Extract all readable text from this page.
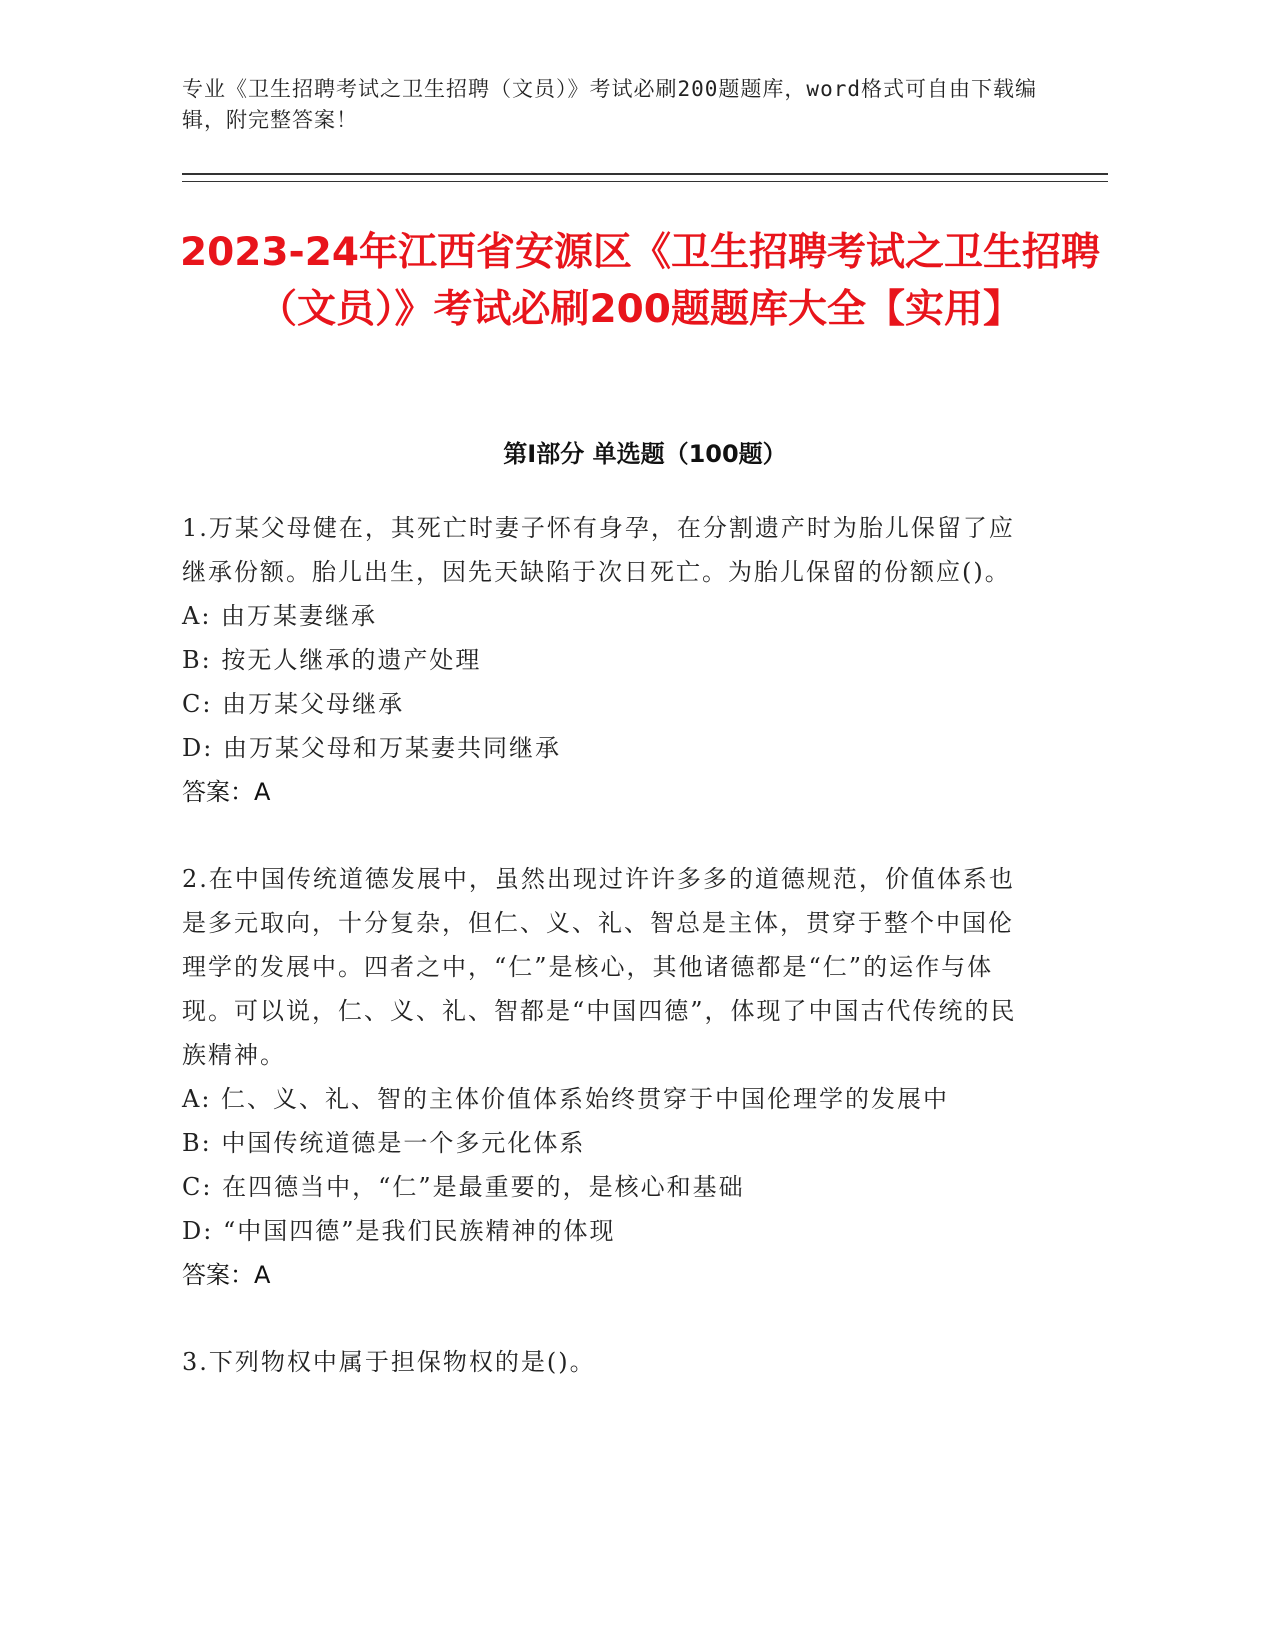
专业《卫生招聘考试之卫生招聘（文员）》考试必刷200题题库，word格式可自由下载编辑，附完整答案！
2023-24年江西省安源区《卫生招聘考试之卫生招聘（文员）》考试必刷200题题库大全【实用】
第I部分 单选题（100题）
1.万某父母健在，其死亡时妻子怀有身孕，在分割遗产时为胎儿保留了应继承份额。胎儿出生，因先天缺陷于次日死亡。为胎儿保留的份额应()。
A: 由万某妻继承
B: 按无人继承的遗产处理
C: 由万某父母继承
D: 由万某父母和万某妻共同继承
答案：A
2.在中国传统道德发展中，虽然出现过许许多多的道德规范，价值体系也是多元取向，十分复杂，但仁、义、礼、智总是主体，贯穿于整个中国伦理学的发展中。四者之中，“仁”是核心，其他诸德都是“仁”的运作与体现。可以说，仁、义、礼、智都是“中国四德”，体现了中国古代传统的民族精神。
A: 仁、义、礼、智的主体价值体系始终贯穿于中国伦理学的发展中
B: 中国传统道德是一个多元化体系
C: 在四德当中，“仁”是最重要的，是核心和基础
D: “中国四德”是我们民族精神的体现
答案：A
3.下列物权中属于担保物权的是()。
